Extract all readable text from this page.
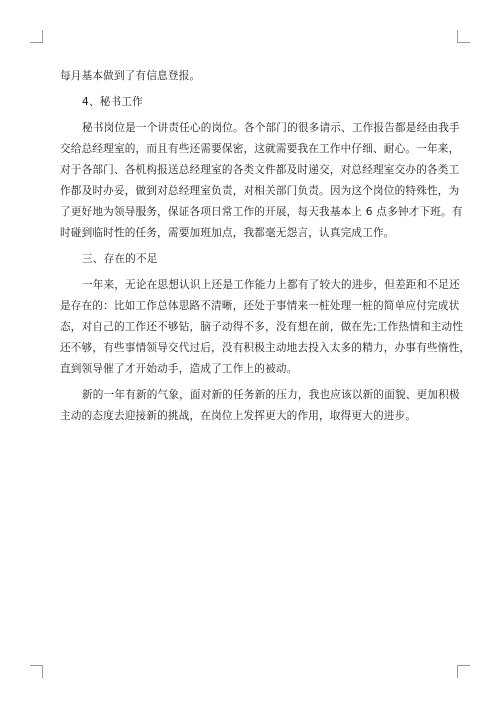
每月基本做到了有信息登报。
4、秘书工作
秘书岗位是一个讲责任心的岗位。各个部门的很多请示、工作报告都是经由我手
交给总经理室的，而且有些还需要保密，这就需要我在工作中仔细、耐心。一年来，
对于各部门、各机构报送总经理室的各类文件都及时递交，对总经理室交办的各类工
作都及时办妥，做到对总经理室负责，对相关部门负责。因为这个岗位的特殊性，为
了更好地为领导服务，保证各项日常工作的开展，每天我基本上 6 点多钟才下班。有
时碰到临时性的任务，需要加班加点，我都毫无怨言，认真完成工作。
三、存在的不足
一年来，无论在思想认识上还是工作能力上都有了较大的进步，但差距和不足还
是存在的：比如工作总体思路不清晰，还处于事情来一桩处理一桩的简单应付完成状
态，对自己的工作还不够钻，脑子动得不多，没有想在前，做在先;工作热情和主动性
还不够，有些事情领导交代过后，没有积极主动地去投入太多的精力，办事有些惰性，
直到领导催了才开始动手，造成了工作上的被动。
新的一年有新的气象，面对新的任务新的压力，我也应该以新的面貌、更加积极
主动的态度去迎接新的挑战，在岗位上发挥更大的作用，取得更大的进步。
